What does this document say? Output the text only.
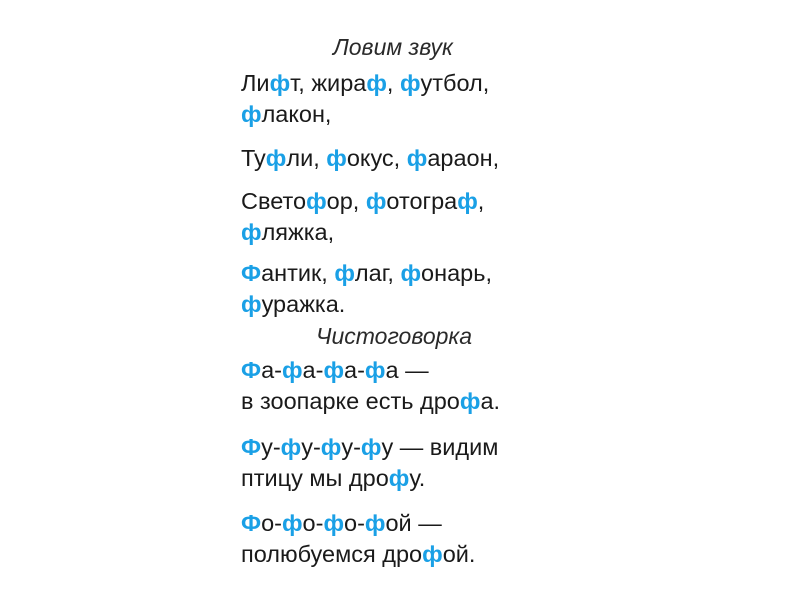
Ловим звук
Лифт, жираф, футбол,
флакон,
Туфли, фокус, фараон,
Светофор, фотограф,
фляжка,
Фантик, флаг, фонарь,
фуражка.
Чистоговорка
Фа-фа-фа-фа —
в зоопарке есть дрофа.
Фу-фу-фу-фу — видим
птицу мы дрофу.
Фо-фо-фо-фой —
полюбуемся дрофой.
